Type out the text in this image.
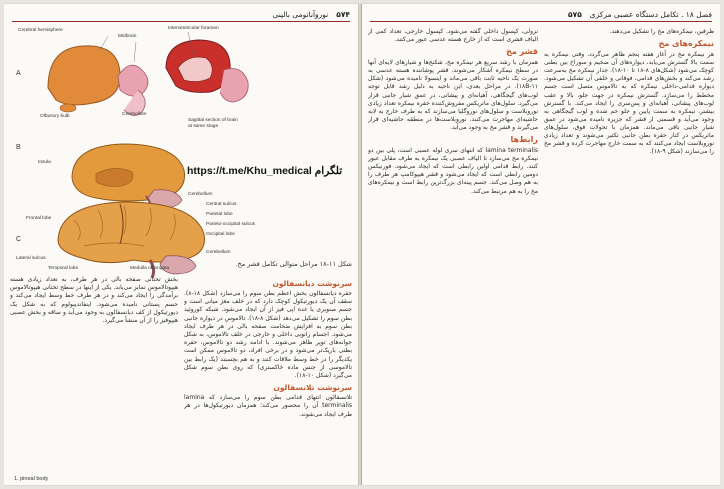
۵۷۴
نوروآناتومی بالینی
A
Cerebral hemisphere
Midbrain
Interventricular foramen
Olfactory bulb	Cerebellum
Sagittal section of brain at same stage
B
Insula
Cerebellum
https://t.me/Khu_medical تلگرام
C
Central sulcus
Parietal lobe
Parieto-occipital sulcus
Occipital lobe
Frontal lobe
Lateral sulcus
Temporal lobe	Medulla oblongata
Cerebellum
شکل ۱۱-۱۸ مراحل متوالی تکامل قشر مخ.
سرنوشت دیانسفالون

حفره دیانسفالون بخش اعظم بطن سوم را می‌سازد (شکل ۱۸-۸). سقف آن یک دیورتیکول کوچک دارد که در خلف مغز میانی است و جسم صنوبری یا غده اپی فیز از آن ایجاد می‌شود. شبکه کوروئید بطن سوم را تشکیل می‌دهد (شکل ۸-۱۸). تالاموس در دیواره جانبی بطن سوم به افزایش ضخامت صفحه بالی در هر طرف ایجاد می‌شود. اجسام زانویی داخلی و خارجی در خلف تالاموس، به شکل جوانه‌های توپر ظاهر می‌شوند. با ادامه رشد دو تالاموس، حفره بطنی باریک‌تر می‌شود و در برخی افراد، دو تالاموس ممکن است یکدیگر را در خط وسط ملاقات کنند و به هم بچسبند (یک رابط بین تالاموسی از جنس ماده خاکستری) که روی بطن سوم شکل می‌گیرد (شکل ۱۰-۱۸).

سرنوشت تلانسفالون

تلانسفالون انتهای قدامی بطن سوم را می‌سازد که lamina terminalis آن را محصور می‌کند؛ همزمان دیورتیکول‌ها در هر طرف ایجاد می‌شوند.

بخش تحتانی صفحه بالی در هر طرف، به تعداد زیادی هسته هیپوتالاموس تمایز می‌یابد. یکی از اینها در سطح تحتانی هیپوتالاموس برآمدگی را ایجاد می‌کند و در هر طرف خط وسط ایجاد می‌کند و جسم پستانی نامیده می‌شود. اینفاندیبولوم که به شکل یک دیورتیکول از کف دیانسفالون به وجود می‌آید و ساقه و بخش عصبی هیپوفیز را از آن منشأ می‌گیرد.

1. pineal body
فصل ۱۸ . تکامل دستگاه عصبی مرکزی
۵۷۵

ظرفین، نیمکره‌های مخ را تشکیل می‌دهند.

نیمکره‌های مخ

هر نیمکره مخ در آغاز هفته پنجم ظاهر می‌گردد. وقتی نیمکره به سمت بالا گسترش می‌یابد، دیواره‌های آن ضخیم و سوراخ بین بطنی کوچک می‌شود (شکل‌های ۸-۱۸ تا ۱۰-۱۸). جدار نیمکره مخ به‌سرعت رشد می‌کند و بخش‌های قدامی، فوقانی و خلفی آن تشکیل می‌شود. دیواره قدامی-داخلی نیمکره که به تالاموس متصل است جسم مخطط را می‌سازد. گسترش نیمکره در جهت جلو، بالا و عقب لوب‌های پیشانی، آهیانه‌ای و پس‌سری را ایجاد می‌کند. با گسترش بیشتر، نیمکره به سمت پایین و جلو خم شده و لوب گیجگاهی به وجود می‌آید و قسمتی از قشر که جزیره نامیده می‌شود در عمق شیار جانبی باقی می‌ماند. همزمان با تحولات فوق، سلول‌های ماتریکس در کنار حفره بطن جانبی تکثیر می‌شوند و تعداد زیادی نوروبلاست ایجاد می‌کنند که به سمت خارج مهاجرت کرده و قشر مخ را می‌سازند (شکل ۹-۱۸).

نزولی، کپسول داخلی گفته می‌شود. کپسول خارجی، تعداد کمی از الیاف قشری است که از خارج هسته عدسی عبور می‌کنند.

قشر مخ

همزمان با رشد سریع هر نیمکره مخ، شکنج‌ها و شیارهای لایه‌ای آنها در سطح نیمکره آشکار می‌شوند. قشر پوشاننده هسته عدسی به صورت یک ناحیه ثابت باقی می‌ماند و اینسولا نامیده می‌شود (شکل ۱۱-۱۸B). در مراحل بعدی، این ناحیه به دلیل رشد قابل توجه لوب‌های گیجگاهی، آهیانه‌ای و پیشانی، در عمق شیار جانبی قرار می‌گیرد. سلول‌های ماتریکس مفروش‌کننده حفره نیمکره تعداد زیادی نوروبلاست و سلول‌های نوروگلیا می‌سازند که به طرف خارج به لایه حاشیه‌ای مهاجرت می‌کنند. نوروبلاست‌ها در منطقه حاشیه‌ای قرار می‌گیرند و قشر مخ به وجود می‌آید.

رابط‌ها

lamina terminalis که انتهای سری لوله عصبی است، پلی بین دو نیمکره مخ می‌سازد تا الیاف عصبی یک نیمکره به طرف مقابل عبور کنند. رابط قدامی اولین رابطی است که ایجاد می‌شود. فورنیکس دومین رابطی است که ایجاد می‌شود و قشر هیپوکامپ هر طرف را به هم وصل می‌کند. جسم پینه‌ای بزرگ‌ترین رابط است و نیمکره‌های مخ را به هم مرتبط می‌کند.
